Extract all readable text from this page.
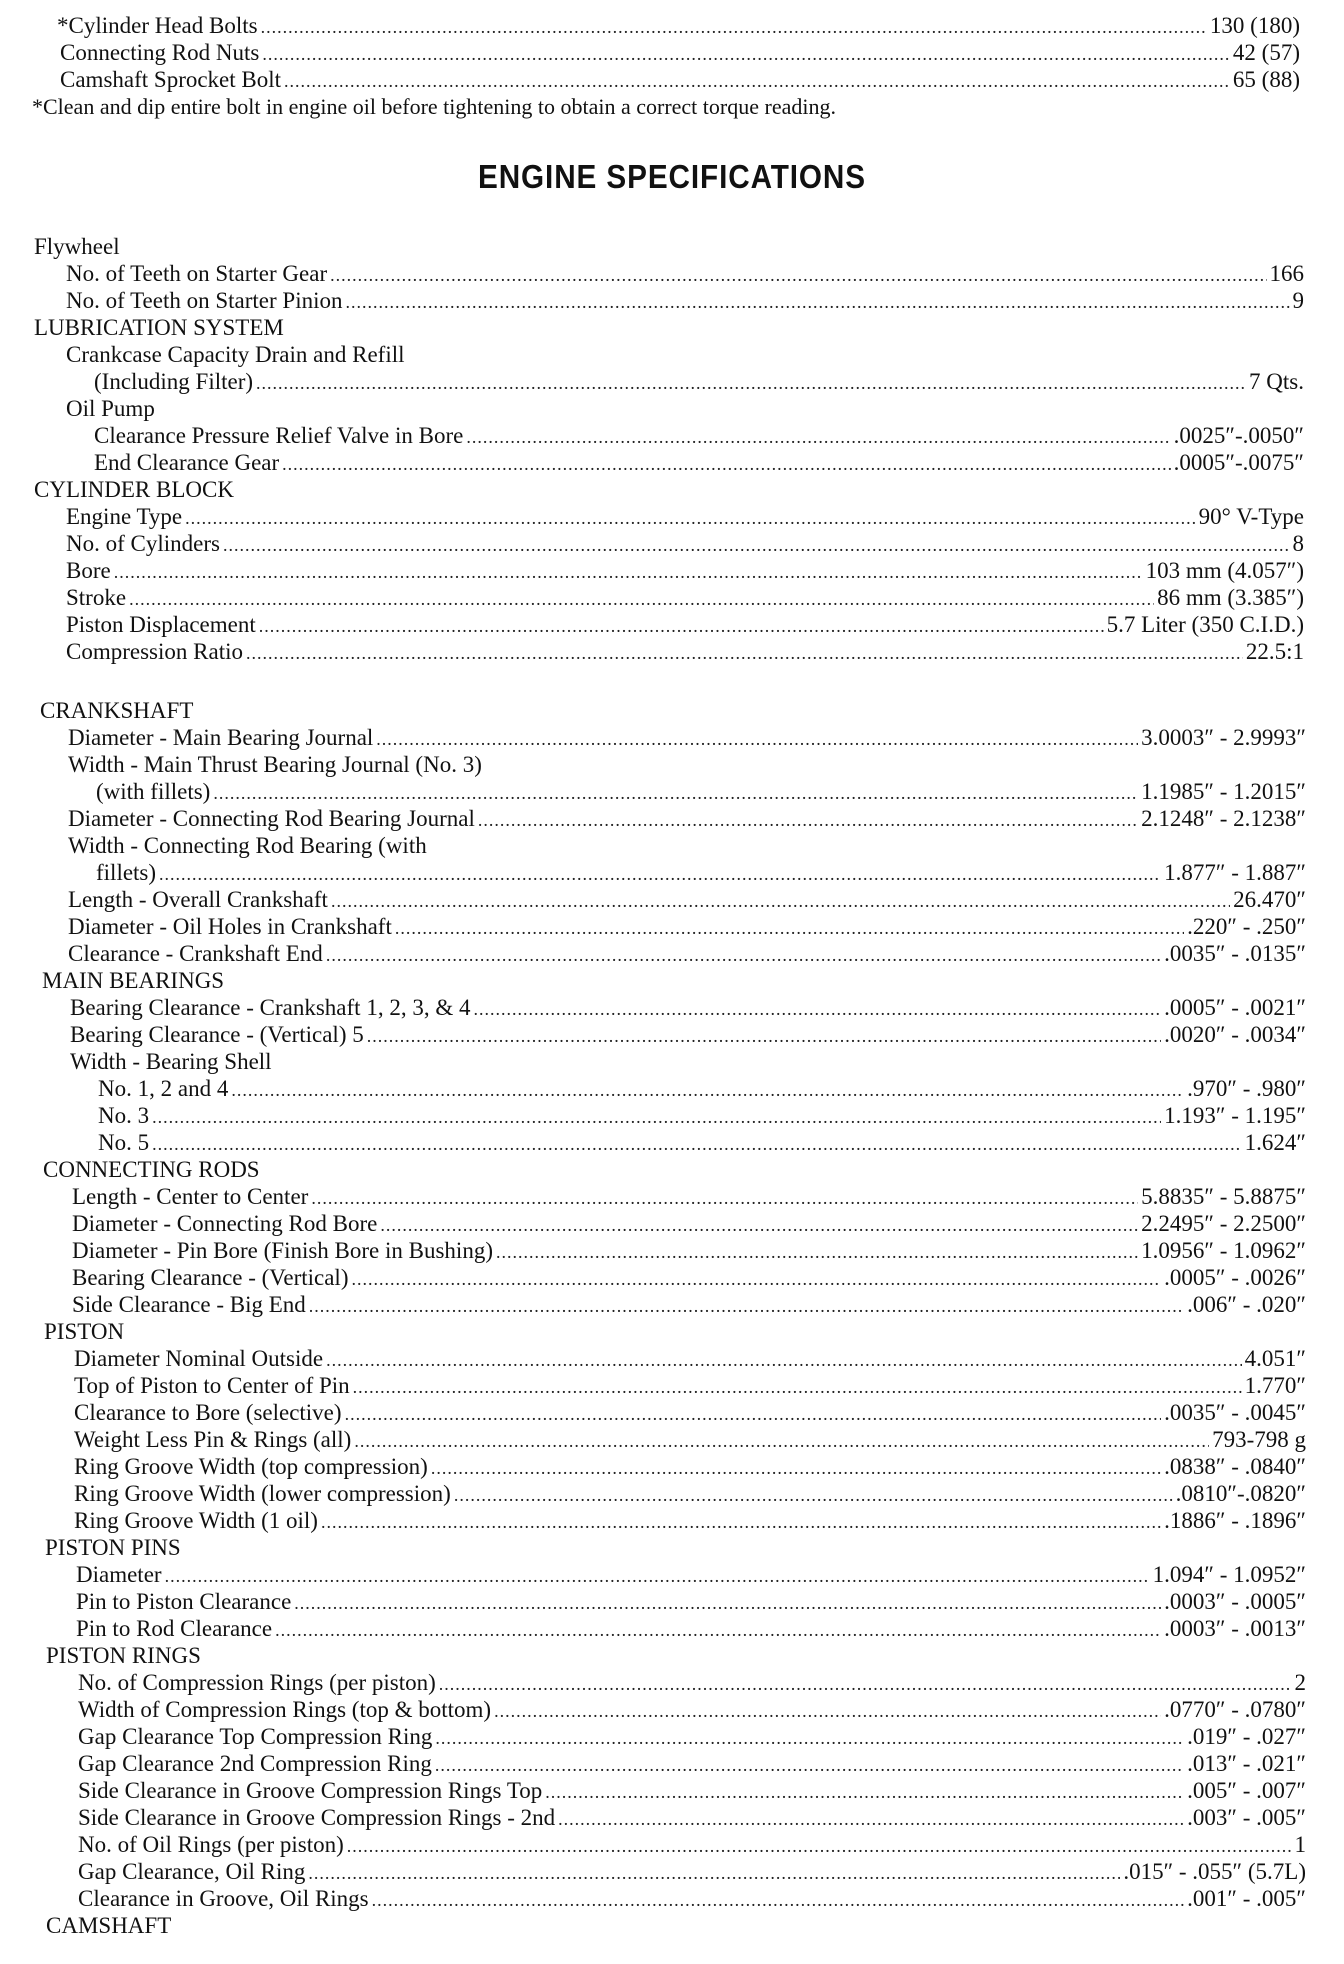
*Cylinder Head Bolts .....	130 (180)
Connecting Rod Nuts .....	42 (57)
Camshaft Sprocket Bolt .....	65 (88)
*Clean and dip entire bolt in engine oil before tightening to obtain a correct torque reading.
ENGINE SPECIFICATIONS
Flywheel
No. of Teeth on Starter Gear .....	166
No. of Teeth on Starter Pinion .....	9
LUBRICATION SYSTEM
Crankcase Capacity Drain and Refill
(Including Filter) .....	7 Qts.
Oil Pump
Clearance Pressure Relief Valve in Bore .....	.0025″-.0050″
End Clearance Gear .....	.0005″-.0075″
CYLINDER BLOCK
Engine Type .....	90° V-Type
No. of Cylinders .....	8
Bore .....	103 mm (4.057″)
Stroke .....	86 mm (3.385″)
Piston Displacement .....	5.7 Liter (350 C.I.D.)
Compression Ratio .....	22.5:1
CRANKSHAFT
Diameter - Main Bearing Journal .....	3.0003″ - 2.9993″
Width - Main Thrust Bearing Journal (No. 3)
(with fillets) .....	1.1985″ - 1.2015″
Diameter - Connecting Rod Bearing Journal .....	2.1248″ - 2.1238″
Width - Connecting Rod Bearing (with
fillets) .....	1.877″ - 1.887″
Length - Overall Crankshaft .....	26.470″
Diameter - Oil Holes in Crankshaft .....	.220″ - .250″
Clearance - Crankshaft End .....	.0035″ - .0135″
MAIN BEARINGS
Bearing Clearance - Crankshaft 1, 2, 3, & 4 .....	.0005″ - .0021″
Bearing Clearance - (Vertical) 5 .....	.0020″ - .0034″
Width - Bearing Shell
No. 1, 2 and 4 .....	.970″ - .980″
No. 3 .....	1.193″ - 1.195″
No. 5 .....	1.624″
CONNECTING RODS
Length - Center to Center .....	5.8835″ - 5.8875″
Diameter - Connecting Rod Bore .....	2.2495″ - 2.2500″
Diameter - Pin Bore (Finish Bore in Bushing) .....	1.0956″ - 1.0962″
Bearing Clearance - (Vertical) .....	.0005″ - .0026″
Side Clearance - Big End .....	.006″ - .020″
PISTON
Diameter Nominal Outside .....	4.051″
Top of Piston to Center of Pin .....	1.770″
Clearance to Bore (selective) .....	.0035″ - .0045″
Weight Less Pin & Rings (all) .....	793-798 g
Ring Groove Width (top compression) .....	.0838″ - .0840″
Ring Groove Width (lower compression) .....	.0810″-.0820″
Ring Groove Width (1 oil) .....	.1886″ - .1896″
PISTON PINS
Diameter .....	1.094″ - 1.0952″
Pin to Piston Clearance .....	.0003″ - .0005″
Pin to Rod Clearance .....	.0003″ - .0013″
PISTON RINGS
No. of Compression Rings (per piston) .....	2
Width of Compression Rings (top & bottom) .....	.0770″ - .0780″
Gap Clearance Top Compression Ring .....	.019″ - .027″
Gap Clearance 2nd Compression Ring .....	.013″ - .021″
Side Clearance in Groove Compression Rings Top .....	.005″ - .007″
Side Clearance in Groove Compression Rings - 2nd .....	.003″ - .005″
No. of Oil Rings (per piston) .....	1
Gap Clearance, Oil Ring .....	.015″ - .055″ (5.7L)
Clearance in Groove, Oil Rings .....	.001″ - .005″
CAMSHAFT
